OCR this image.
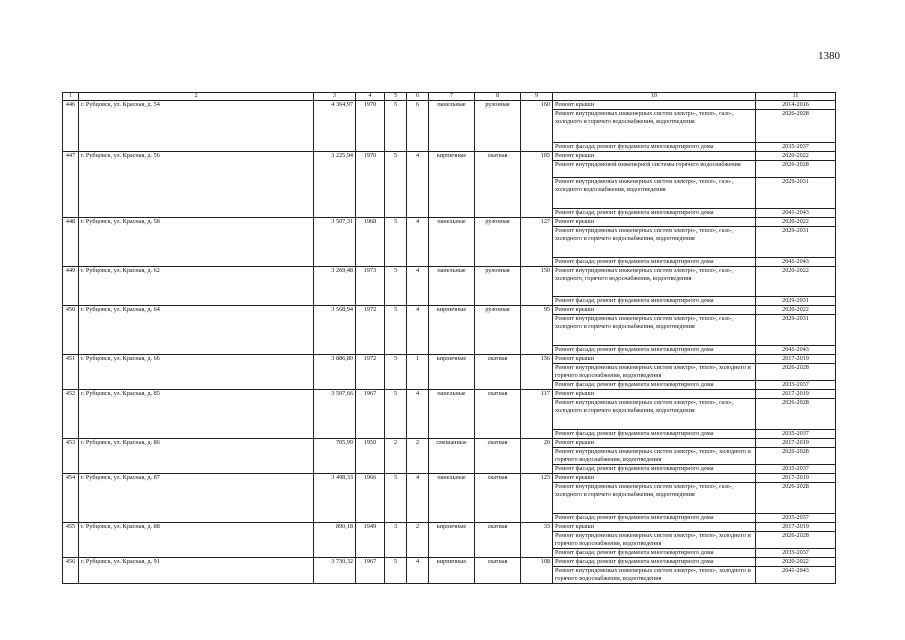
1380
1	2	3	4	5	6	7	8	9	10	11
446	г. Рубцовск, ул. Красная, д. 54	4 364,97	1970	5	6	панельные	рулонная	160	Ремонт крыши	2014-2016
									Ремонт внутридомовых инженерных систем электро-, тепло-, газо-, холодного и горячего водоснабжения, водоотведения	2026-2028
									Ремонт фасада; ремонт фундамента многоквартирного дома	2035-2037
447	г. Рубцовск, ул. Красная, д. 56	3 225,94	1970	5	4	кирпичные	скатная	105	Ремонт крыши	2020-2022
									Ремонт внутридомовой инженерной системы горячего водоснабжения	2026-2028
									Ремонт внутридомовых инженерных систем электро-, тепло-, газо-, холодного водоснабжения, водоотведения	2029-2031
									Ремонт фасада; ремонт фундамента многоквартирного дома	2041-2043
448	г. Рубцовск, ул. Красная, д. 58	3 507,31	1968	5	4	панельные	рулонная	127	Ремонт крыши	2020-2022
									Ремонт внутридомовых инженерных систем электро-, тепло-, газо-, холодного и горячего водоснабжения, водоотведения	2029-2031
									Ремонт фасада; ремонт фундамента многоквартирного дома	2041-2043
449	г. Рубцовск, ул. Красная, д. 62	3 269,48	1973	5	4	панельные	рулонная	150	Ремонт внутридомовых инженерных систем электро-, тепло-, газо-, холодного, горячего водоснабжения, водоотведения	2020-2022
									Ремонт фасада; ремонт фундамента многоквартирного дома	2029-2031
450	г. Рубцовск, ул. Красная, д. 64	3 568,94	1972	5	4	кирпичные	рулонная	95	Ремонт крыши	2020-2022
									Ремонт внутридомовых инженерных систем электро-, тепло-, газо-, холодного и горячего водоснабжения, водоотведения	2029-2031
									Ремонт фасада; ремонт фундамента многоквартирного дома	2041-2043
451	г. Рубцовск, ул. Красная, д. 66	3 886,80	1972	5	1	кирпичные	скатная	156	Ремонт крыши	2017-2019
									Ремонт внутридомовых инженерных систем электро-, тепло-, холодного и горячего водоснабжения, водоотведения	2026-2028
									Ремонт фасада; ремонт фундамента многоквартирного дома	2035-2037
452	г. Рубцовск, ул. Красная, д. 85	3 507,66	1967	5	4	панельные	скатная	117	Ремонт крыши	2017-2019
									Ремонт внутридомовых инженерных систем электро-, тепло-, газо-, холодного и горячего водоснабжения, водоотведения	2026-2028
									Ремонт фасада; ремонт фундамента многоквартирного дома	2035-2037
453	г. Рубцовск, ул. Красная, д. 86	705,99	1950	2	2	смешанные	скатная	20	Ремонт крыши	2017-2019
									Ремонт внутридомовых инженерных систем электро-, тепло-, холодного и горячего водоснабжения, водоотведения	2026-2028
									Ремонт фасада; ремонт фундамента многоквартирного дома	2035-2037
454	г. Рубцовск, ул. Красная, д. 87	3 498,33	1966	5	4	панельные	скатная	123	Ремонт крыши	2017-2019
									Ремонт внутридомовых инженерных систем электро-, тепло-, газо-, холодного и горячего водоснабжения, водоотведения	2026-2028
									Ремонт фасада; ремонт фундамента многоквартирного дома	2035-2037
455	г. Рубцовск, ул. Красная, д. 88	890,18	1949	3	2	кирпичные	скатная	33	Ремонт крыши	2017-2019
									Ремонт внутридомовых инженерных систем электро-, тепло-, холодного и горячего водоснабжения, водоотведения	2026-2028
									Ремонт фасада; ремонт фундамента многоквартирного дома	2035-2037
456	г. Рубцовск, ул. Красная, д. 91	3 730,32	1967	5	4	кирпичные	скатная	108	Ремонт фасада; ремонт фундамента многоквартирного дома	2020-2022
									Ремонт внутридомовых инженерных систем электро-, тепло-, холодного и горячего водоснабжения, водоотведения	2041-2043
